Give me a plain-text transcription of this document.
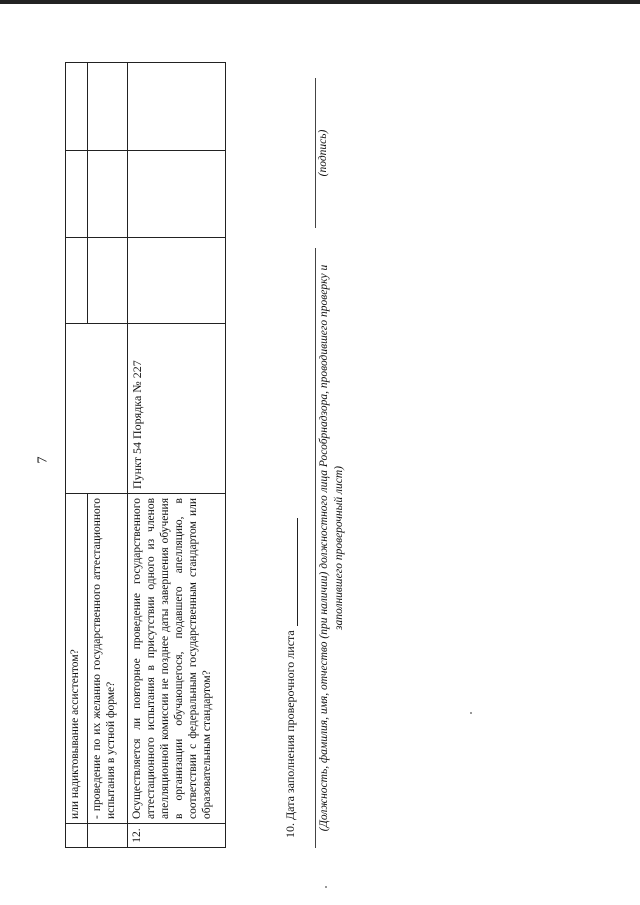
7
	или надиктовывание ассистентом?				
	- проведение по их желанию государственного аттестационного испытания в устной форме?				
12.	Осуществляется ли повторное проведение государственного аттестационного испытания в присутствии одного из членов апелляционной комиссии не позднее даты завершения обучения в организации обучающегося, подавшего апелляцию, в соответствии с федеральным государственным стандартом или образовательным стандартом?	Пункт 54 Порядка № 227			
10. Дата заполнения проверочного листа (Должность, фамилия, имя, отчество (при наличии) должностного лица Рособрнадзора, проводившего проверку и заполнившего проверочный лист)
(подпись)
